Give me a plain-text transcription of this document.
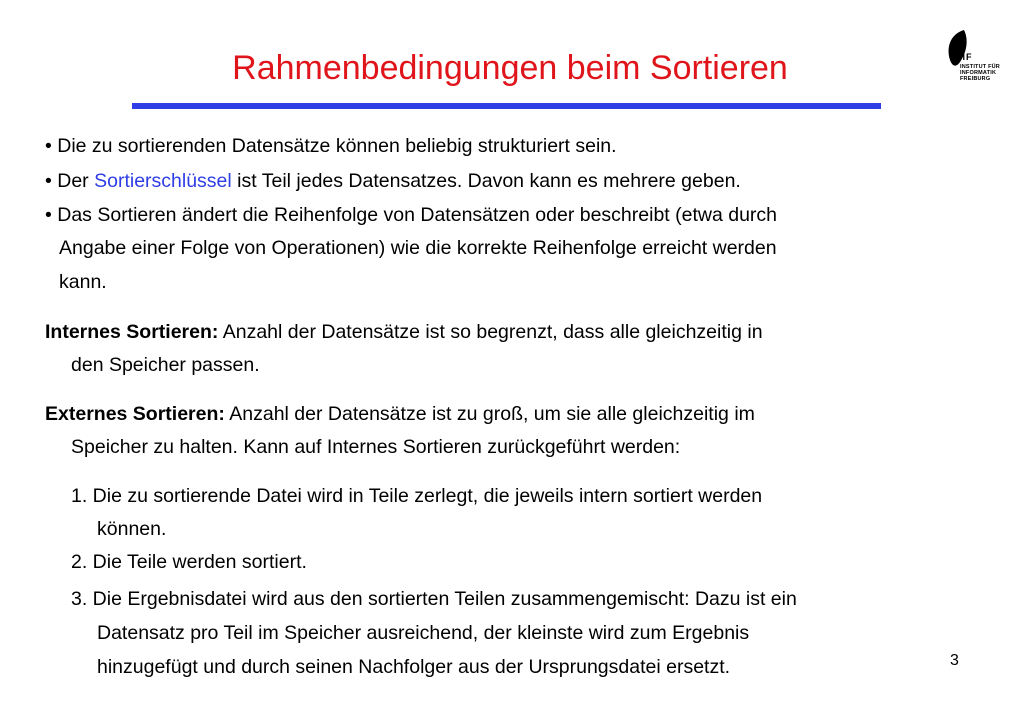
Rahmenbedingungen beim Sortieren	IIF
INSTITUT FÜR
INFORMATIK
FREIBURG
• Die zu sortierenden Datensätze können beliebig strukturiert sein.
• Der Sortierschlüssel ist Teil jedes Datensatzes. Davon kann es mehrere geben.
• Das Sortieren ändert die Reihenfolge von Datensätzen oder beschreibt (etwa durch
Angabe einer Folge von Operationen) wie die korrekte Reihenfolge erreicht werden
kann.
Internes Sortieren: Anzahl der Datensätze ist so begrenzt, dass alle gleichzeitig in
den Speicher passen.
Externes Sortieren: Anzahl der Datensätze ist zu groß, um sie alle gleichzeitig im
Speicher zu halten. Kann auf Internes Sortieren zurückgeführt werden:
1. Die zu sortierende Datei wird in Teile zerlegt, die jeweils intern sortiert werden
können.
2. Die Teile werden sortiert.
3. Die Ergebnisdatei wird aus den sortierten Teilen zusammengemischt: Dazu ist ein
Datensatz pro Teil im Speicher ausreichend, der kleinste wird zum Ergebnis
hinzugefügt und durch seinen Nachfolger aus der Ursprungsdatei ersetzt.	3
